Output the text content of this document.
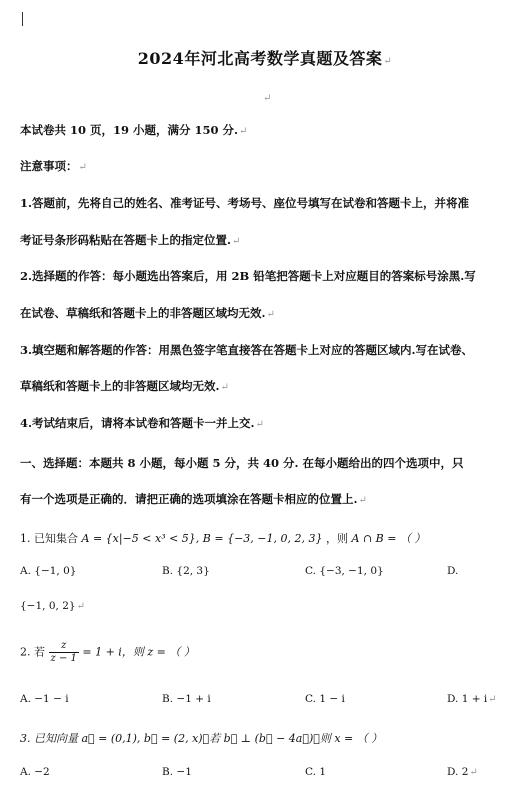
2024年河北高考数学真题及答案↵
↵
本试卷共 10 页，19 小题，满分 150 分.↵
注意事项：↵
1.答题前，先将自己的姓名、准考证号、考场号、座位号填写在试卷和答题卡上，并将准
考证号条形码粘贴在答题卡上的指定位置.↵
2.选择题的作答：每小题选出答案后，用 2B 铅笔把答题卡上对应题目的答案标号涂黑.写
在试卷、草稿纸和答题卡上的非答题区域均无效.↵
3.填空题和解答题的作答：用黑色签字笔直接答在答题卡上对应的答题区域内.写在试卷、
草稿纸和答题卡上的非答题区域均无效.↵
4.考试结束后，请将本试卷和答题卡一并上交.↵
一、选择题：本题共 8 小题，每小题 5 分，共 40 分. 在每小题给出的四个选项中，只
有一个选项是正确的．请把正确的选项填涂在答题卡相应的位置上.↵
1. 已知集合 A = {x|−5 < x³ < 5}, B = {−3, −1, 0, 2, 3} ，则 A ∩ B = （ ）
A. {−1, 0}	B. {2, 3}	C. {−3, −1, 0}	D.
{−1, 0, 2}↵
2. 若 $\frac{z}{z - 1} = 1 + i$，则 z = （ ）
A. −1 − i	B. −1 + i	C. 1 − i	D. 1 + i↵
3. 已知向量 a⃗ = (0,1), b⃗ = (2, x)，若 b⃗ ⊥ (b⃗ − 4a⃗)，则 x = （ ）
A. −2	B. −1	C. 1	D. 2↵
